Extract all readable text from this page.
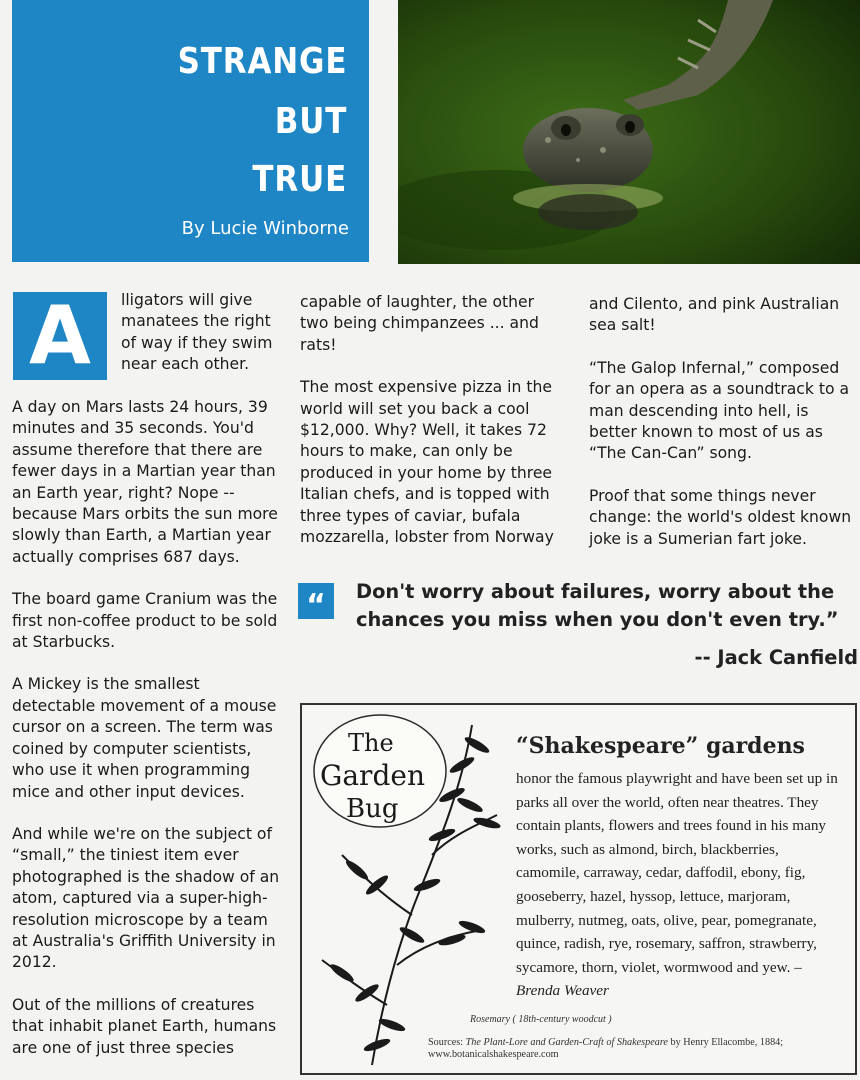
STRANGE
BUT
TRUE
By Lucie Winborne
A	lligators will give manatees the right of way if they swim near each other.

A day on Mars lasts 24 hours, 39 minutes and 35 seconds. You'd assume therefore that there are fewer days in a Martian year than an Earth year, right? Nope -- because Mars orbits the sun more slowly than Earth, a Martian year actually comprises 687 days.

The board game Cranium was the first non-coffee product to be sold at Starbucks.

A Mickey is the smallest detectable movement of a mouse cursor on a screen. The term was coined by computer scientists, who use it when programming mice and other input devices.

And while we're on the subject of “small,” the tiniest item ever photographed is the shadow of an atom, captured via a super-high-resolution microscope by a team at Australia's Griffith University in 2012.

Out of the millions of creatures that inhabit planet Earth, humans are one of just three species

capable of laughter, the other two being chimpanzees ... and rats!

The most expensive pizza in the world will set you back a cool $12,000. Why? Well, it takes 72 hours to make, can only be produced in your home by three Italian chefs, and is topped with three types of caviar, bufala mozzarella, lobster from Norway

and Cilento, and pink Australian sea salt!

“The Galop Infernal,” composed for an opera as a soundtrack to a man descending into hell, is better known to most of us as “The Can-Can” song.

Proof that some things never change: the world's oldest known joke is a Sumerian fart joke.

“	Don't worry about failures, worry about the chances you miss when you don't even try.”
-- Jack Canfield
The
Garden
Bug
“Shakespeare” gardens
honor the famous playwright and have been set up in parks all over the world, often near theatres. They contain plants, flowers and trees found in his many works, such as almond, birch, blackberries, camomile, carraway, cedar, daffodil, ebony, fig, gooseberry, hazel, hyssop, lettuce, marjoram, mulberry, nutmeg, oats, olive, pear, pomegranate, quince, radish, rye, rosemary, saffron, strawberry, sycamore, thorn, violet, wormwood and yew. – Brenda Weaver
Rosemary ( 18th-century woodcut )
Sources: The Plant-Lore and Garden-Craft of Shakespeare by Henry Ellacombe, 1884; www.botanicalshakespeare.com
